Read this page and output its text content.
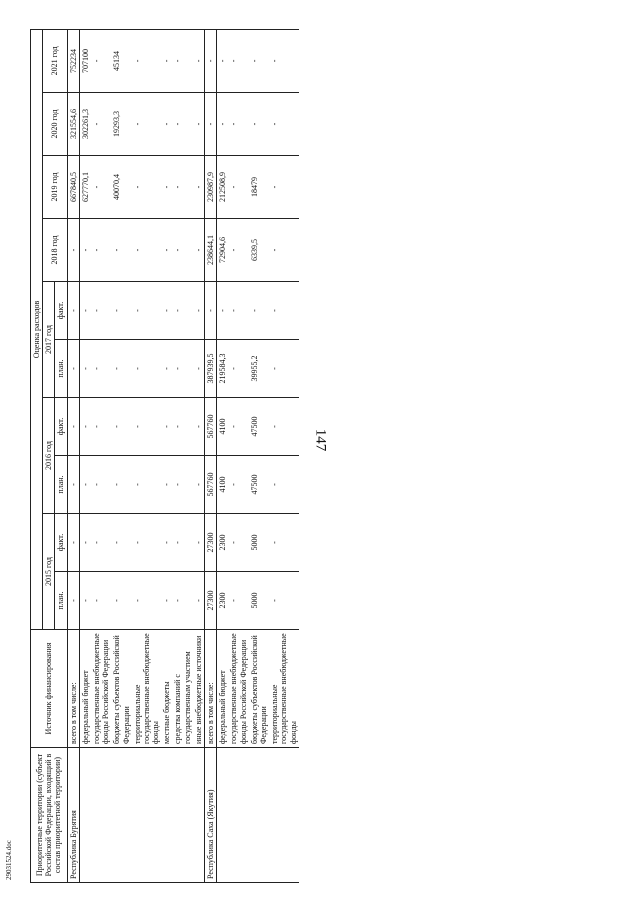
147
29031524.doc	Приоритетные территории (субъект Российской Федерации, входящий в состав приоритетной территории)	Источник финансирования	Оценка расходов									
		2015 год		2016 год		2017 год		2018 год	2019 год	2020 год	2021 год
		план.	факт.	план.	факт.	план.	факт.				
Республика Бурятия	всего в том числе:	-	-	-	-	-	-	-	667840,5	321554,6	752234
	федеральный бюджет	-	-	-	-	-	-	-	627770,1	302261,3	707100
	государственные внебюджетные фонды Российской Федерации	-	-	-	-	-	-	-	-	-	-
	бюджеты субъектов Российской Федерации	-	-	-	-	-	-	-	40070,4	19293,3	45134
	территориальные государственные внебюджетные фонды	-	-	-	-	-	-	-	-	-	-
	местные бюджеты	-	-	-	-	-	-	-	-	-	-
	средства компаний с государственным участием	-	-	-	-	-	-	-	-	-	-
	иные внебюджетные источники	-	-	-	-	-	-	-	-	-	-
Республика Саха (Якутия)	всего в том числе:	27300	27300	567760	567760	387939,5	-	238644,1	230987,9	-	-
	федеральный бюджет	2300	2300	4100	4100	219584,3	-	72904,6	212508,9	-	-
	государственные внебюджетные фонды Российской Федерации	-	-	-	-	-	-	-	-	-	-
	бюджеты субъектов Российской Федерации	5000	5000	47500	47500	39955,2	-	6339,5	18479	-	-
	территориальные государственные внебюджетные фонды	-	-	-	-	-	-	-	-	-	-
